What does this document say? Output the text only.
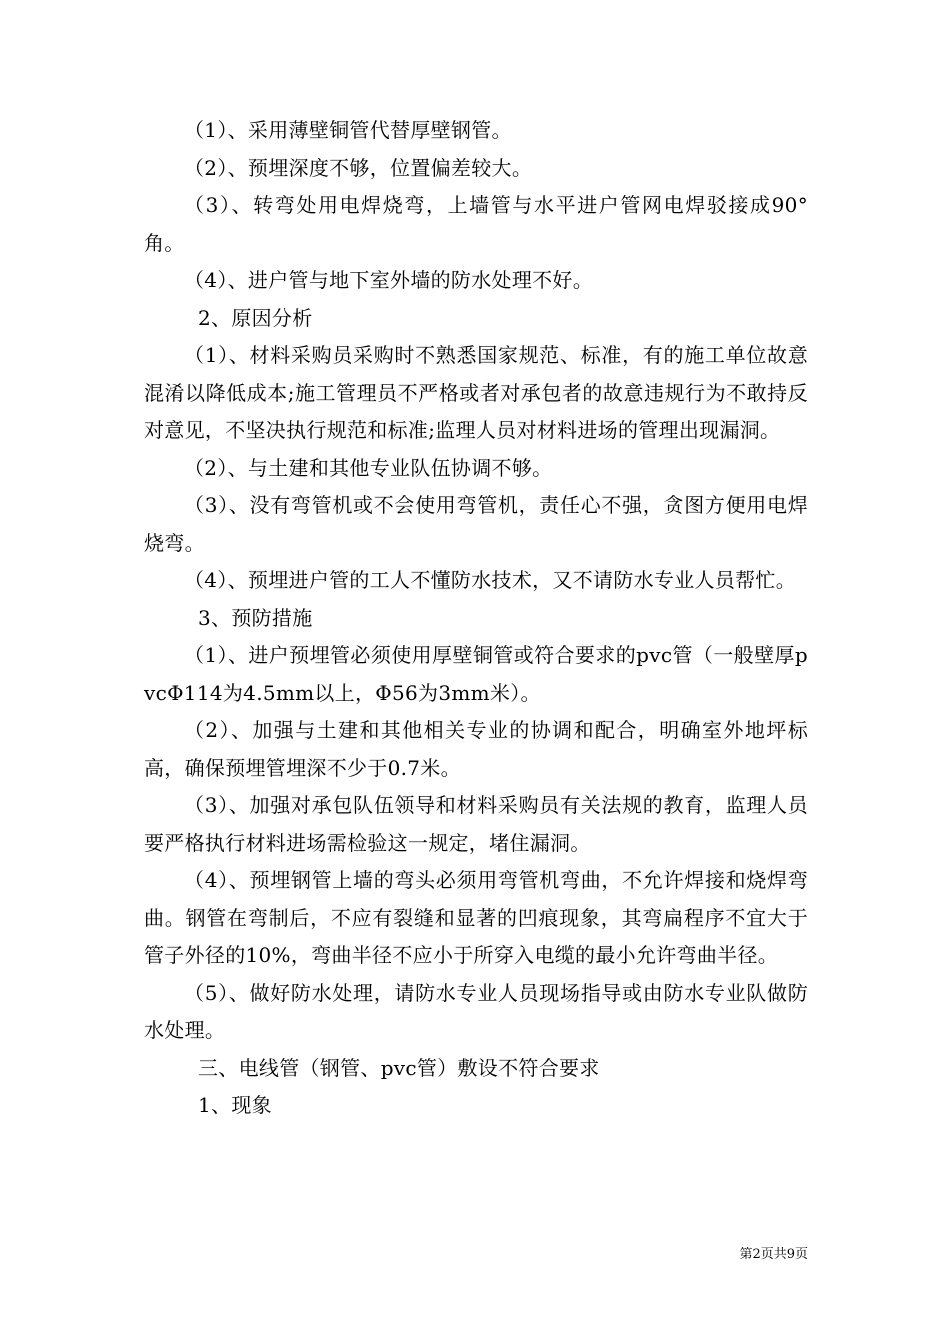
（1）、采用薄壁铜管代替厚壁钢管。

（2）、预埋深度不够，位置偏差较大。

（3）、转弯处用电焊烧弯，上墙管与水平进户管网电焊驳接成90°角。

（4）、进户管与地下室外墙的防水处理不好。

2、原因分析

（1）、材料采购员采购时不熟悉国家规范、标准，有的施工单位故意混淆以降低成本;施工管理员不严格或者对承包者的故意违规行为不敢持反对意见，不坚决执行规范和标准;监理人员对材料进场的管理出现漏洞。

（2）、与土建和其他专业队伍协调不够。

（3）、没有弯管机或不会使用弯管机，责任心不强，贪图方便用电焊烧弯。

（4）、预埋进户管的工人不懂防水技术，又不请防水专业人员帮忙。

3、预防措施

（1）、进户预埋管必须使用厚壁铜管或符合要求的pvc管（一般壁厚pvcΦ114为4.5mm以上，Φ56为3mm米）。

（2）、加强与土建和其他相关专业的协调和配合，明确室外地坪标高，确保预埋管埋深不少于0.7米。

（3）、加强对承包队伍领导和材料采购员有关法规的教育，监理人员要严格执行材料进场需检验这一规定，堵住漏洞。

（4）、预埋钢管上墙的弯头必须用弯管机弯曲，不允许焊接和烧焊弯曲。钢管在弯制后，不应有裂缝和显著的凹痕现象，其弯扁程序不宜大于管子外径的10%，弯曲半径不应小于所穿入电缆的最小允许弯曲半径。

（5）、做好防水处理，请防水专业人员现场指导或由防水专业队做防水处理。

三、电线管（钢管、pvc管）敷设不符合要求

1、现象

第2页共9页
